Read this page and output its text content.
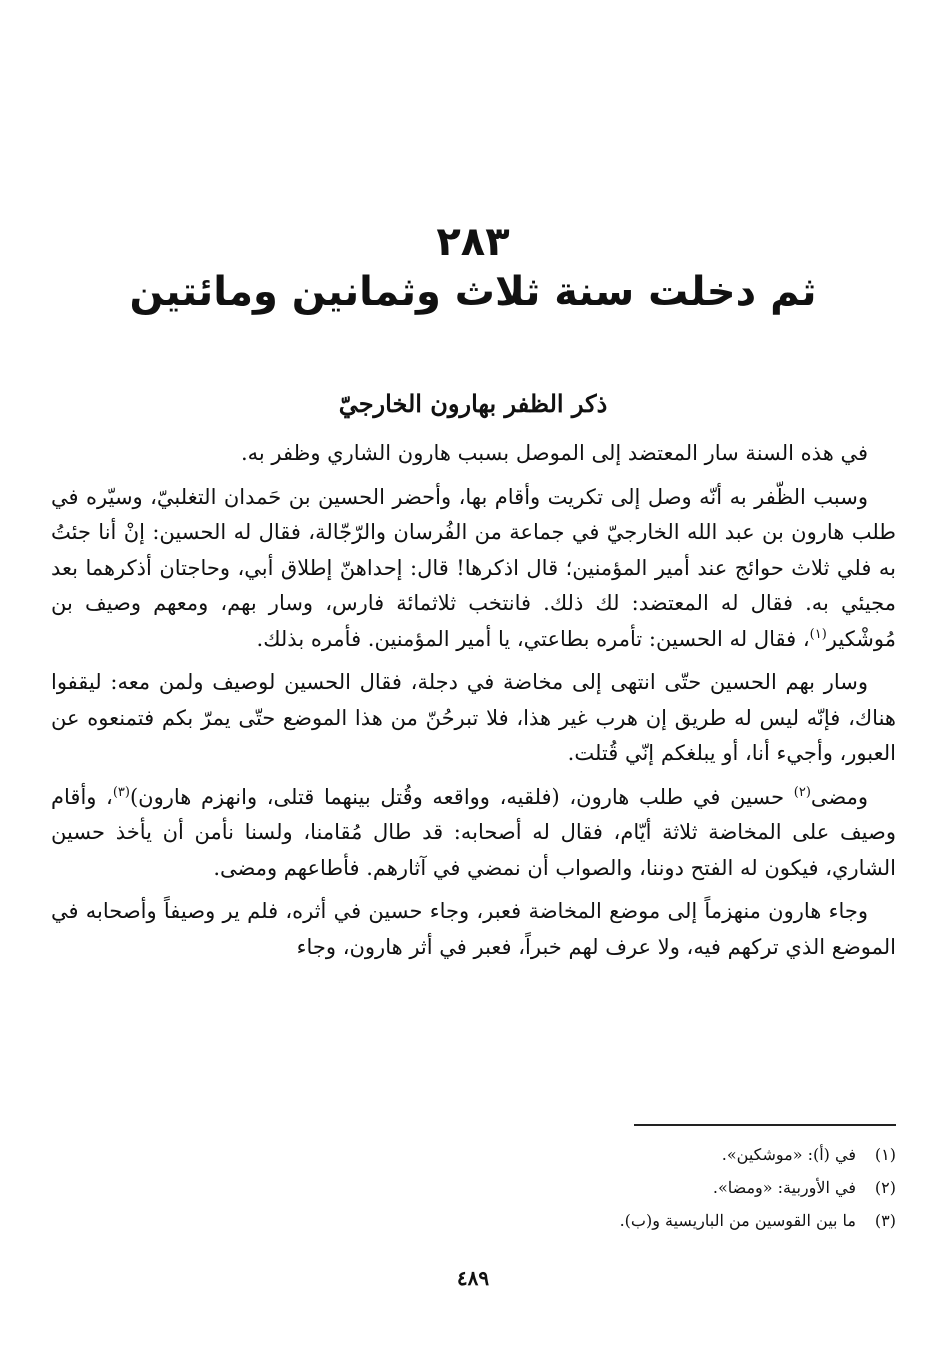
٢٨٣
ثم دخلت سنة ثلاث وثمانين ومائتين
ذكر الظفر بهارون الخارجيّ

في هذه السنة سار المعتضد إلى الموصل بسبب هارون الشاري وظفر به.

وسبب الظّفر به أنّه وصل إلى تكريت وأقام بها، وأحضر الحسين بن حَمدان التغلبيّ، وسيّره في طلب هارون بن عبد الله الخارجيّ في جماعة من الفُرسان والرّجّالة، فقال له الحسين: إنْ أنا جئتُ به فلي ثلاث حوائج عند أمير المؤمنين؛ قال اذكرها! قال: إحداهنّ إطلاق أبي، وحاجتان أذكرهما بعد مجيئي به. فقال له المعتضد: لك ذلك. فانتخب ثلاثمائة فارس، وسار بهم، ومعهم وصيف بن مُوشْكير$^{(١)}$، فقال له الحسين: تأمره بطاعتي، يا أمير المؤمنين. فأمره بذلك.

وسار بهم الحسين حتّى انتهى إلى مخاضة في دجلة، فقال الحسين لوصيف ولمن معه: ليقفوا هناك، فإنّه ليس له طريق إن هرب غير هذا، فلا تبرحُنّ من هذا الموضع حتّى يمرّ بكم فتمنعوه عن العبور، وأجيء أنا، أو يبلغكم إنّي قُتلت.

ومضى$^{(٢)}$ حسين في طلب هارون، (فلقيه، وواقعه وقُتل بينهما قتلى، وانهزم هارون)$^{(٣)}$، وأقام وصيف على المخاضة ثلاثة أيّام، فقال له أصحابه: قد طال مُقامنا، ولسنا نأمن أن يأخذ حسين الشاري، فيكون له الفتح دوننا، والصواب أن نمضي في آثارهم. فأطاعهم ومضى.

وجاء هارون منهزماً إلى موضع المخاضة فعبر، وجاء حسين في أثره، فلم ير وصيفاً وأصحابه في الموضع الذي تركهم فيه، ولا عرف لهم خبراً، فعبر في أثر هارون، وجاء

(١)
في (أ): «موشكين».
(٢)
في الأوربية: «ومضا».
(٣)
ما بين القوسين من الباريسية و(ب).
٤٨٩
